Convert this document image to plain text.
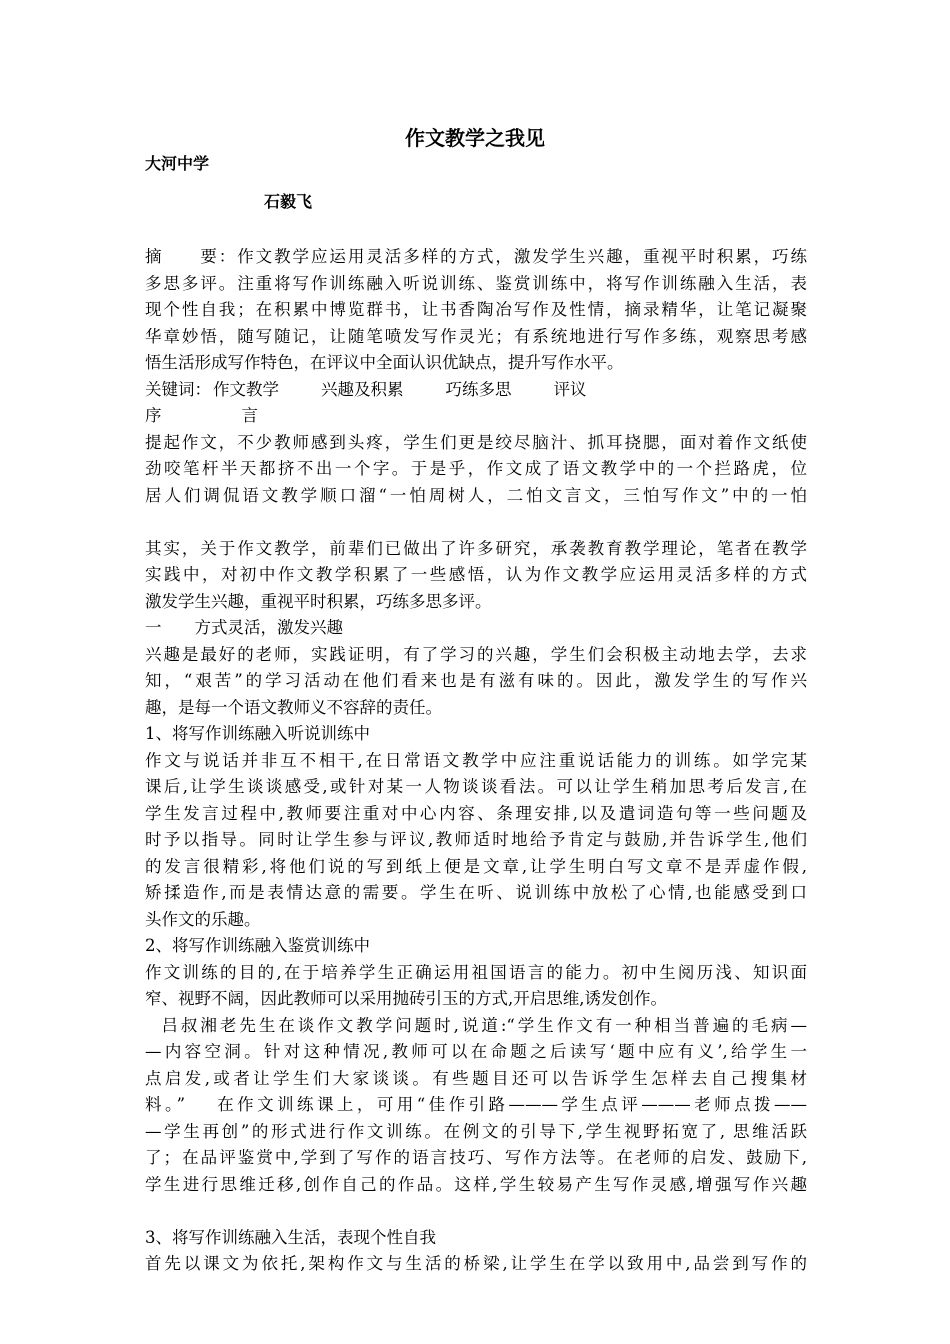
作文教学之我见
大河中学
石毅飞

摘　　要：作文教学应运用灵活多样的方式，激发学生兴趣，重视平时积累，巧练

多思多评。注重将写作训练融入听说训练、鉴赏训练中，将写作训练融入生活，表

现个性自我；在积累中博览群书，让书香陶冶写作及性情，摘录精华，让笔记凝聚

华章妙悟，随写随记，让随笔喷发写作灵光；有系统地进行写作多练，观察思考感

悟生活形成写作特色，在评议中全面认识优缺点，提升写作水平。

关键词： 作文教学	兴趣及积累	巧练多思	评议

序	言

提起作文，不少教师感到头疼，学生们更是绞尽脑汁、抓耳挠腮，面对着作文纸使

劲咬笔杆半天都挤不出一个字。于是乎，作文成了语文教学中的一个拦路虎，位

居人们调侃语文教学顺口溜“一怕周树人，二怕文言文，三怕写作文”中的一怕

其实，关于作文教学，前辈们已做出了许多研究，承袭教育教学理论，笔者在教学

实践中，对初中作文教学积累了一些感悟，认为作文教学应运用灵活多样的方式

激发学生兴趣，重视平时积累，巧练多思多评。

一　　方式灵活，激发兴趣

兴趣是最好的老师，实践证明，有了学习的兴趣，学生们会积极主动地去学，去求

知，“艰苦”的学习活动在他们看来也是有滋有味的。因此，激发学生的写作兴

趣，是每一个语文教师义不容辞的责任。

1、将写作训练融入听说训练中

作文与说话并非互不相干,在日常语文教学中应注重说话能力的训练。如学完某

课后,让学生谈谈感受,或针对某一人物谈谈看法。可以让学生稍加思考后发言,在

学生发言过程中,教师要注重对中心内容、条理安排,以及遣词造句等一些问题及

时予以指导。同时让学生参与评议,教师适时地给予肯定与鼓励,并告诉学生,他们

的发言很精彩,将他们说的写到纸上便是文章,让学生明白写文章不是弄虚作假,

矫揉造作,而是表情达意的需要。学生在听、说训练中放松了心情,也能感受到口

头作文的乐趣。

2、将写作训练融入鉴赏训练中

作文训练的目的,在于培养学生正确运用祖国语言的能力。初中生阅历浅、知识面

窄、视野不阔，因此教师可以采用抛砖引玉的方式,开启思维,诱发创作。

吕叔湘老先生在谈作文教学问题时,说道:“学生作文有一种相当普遍的毛病—

—内容空洞。针对这种情况,教师可以在命题之后读写‘题中应有义’,给学生一

点启发,或者让学生们大家谈谈。有些题目还可以告诉学生怎样去自己搜集材

料。”　 在作文训练课上，可用“佳作引路———学生点评———老师点拨——

—学生再创”的形式进行作文训练。在例文的引导下,学生视野拓宽了, 思维活跃

了；在品评鉴赏中,学到了写作的语言技巧、写作方法等。在老师的启发、鼓励下,

学生进行思维迁移,创作自己的作品。这样,学生较易产生写作灵感,增强写作兴趣

3、将写作训练融入生活，表现个性自我

首先以课文为依托,架构作文与生活的桥梁,让学生在学以致用中,品尝到写作的
